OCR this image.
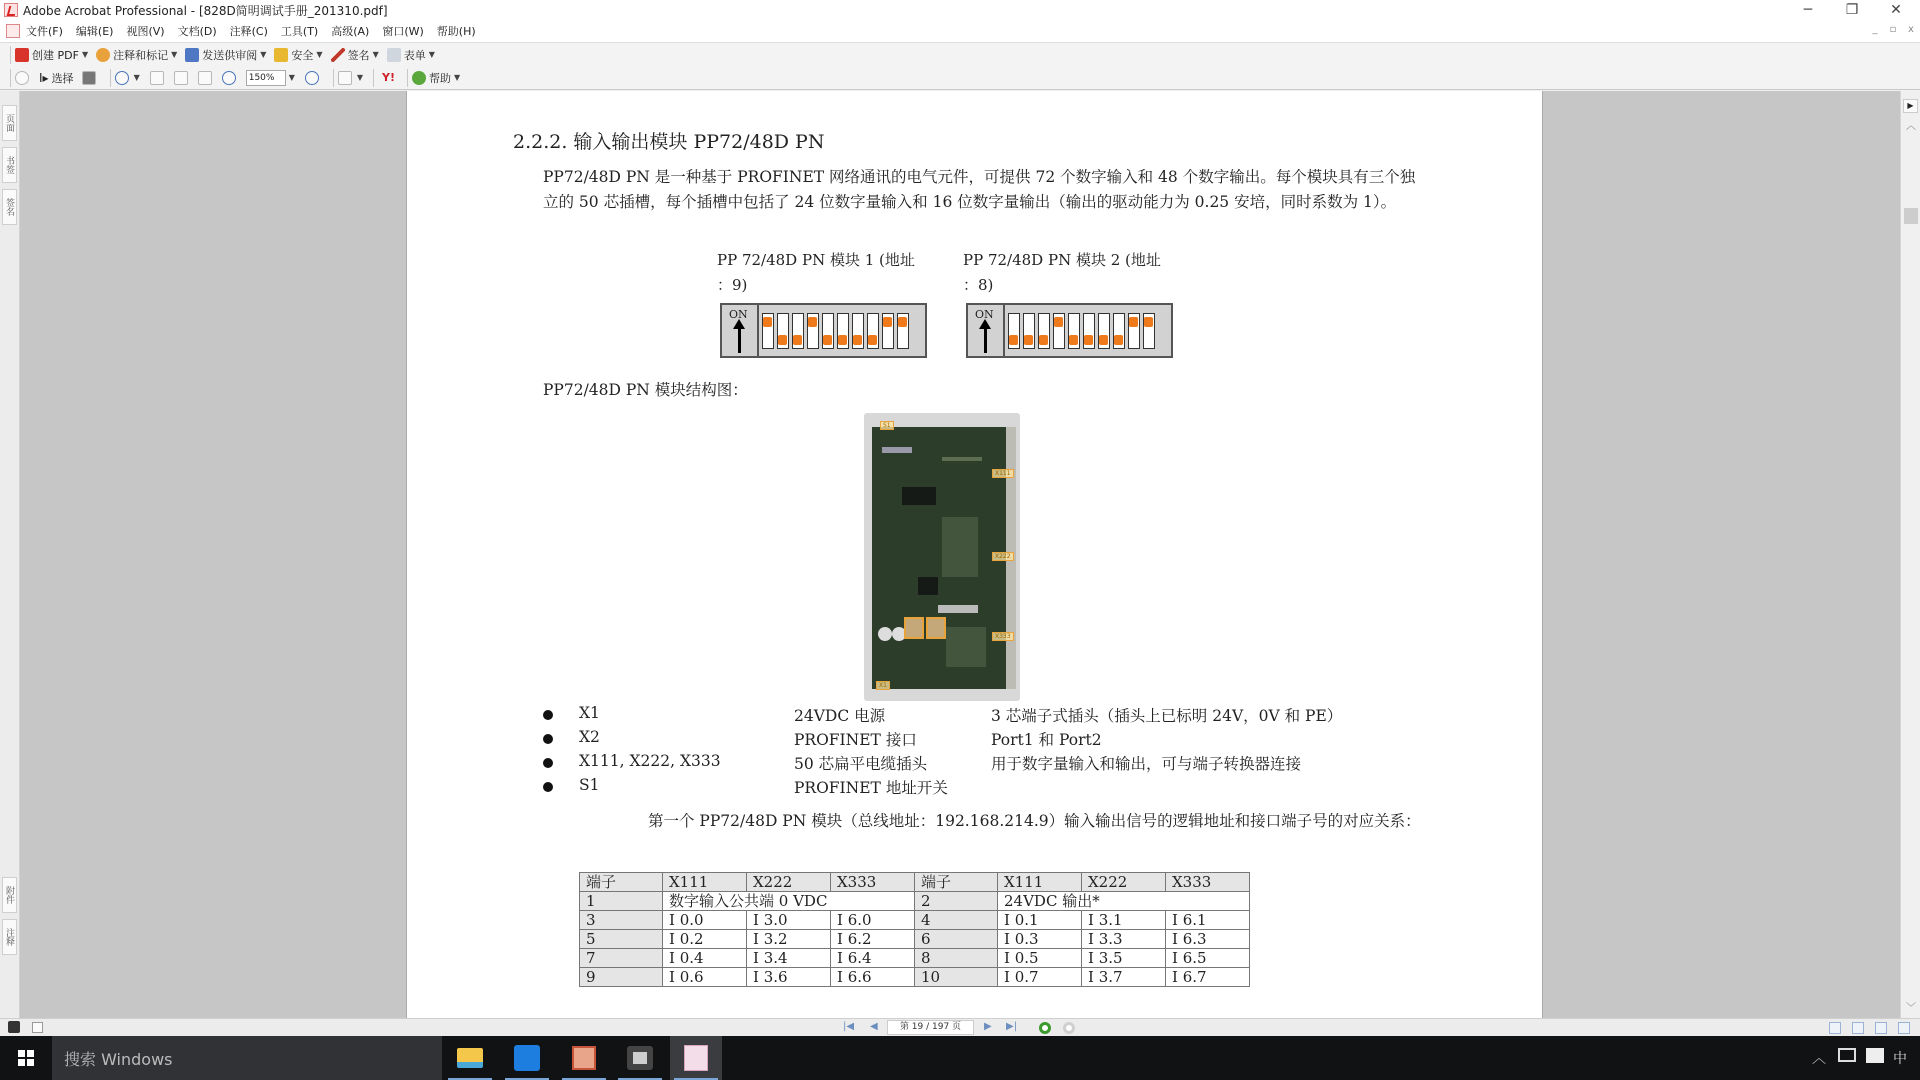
Adobe Acrobat Professional - [828D简明调试手册_201310.pdf]	─	❐	✕
文件(F) 编辑(E) 视图(V) 文档(D) 注释(C) 工具(T) 高级(A) 窗口(W) 帮助(H)	_	▫	x
创建 PDF ▼ 注释和标记 ▼ 发送供审阅 ▼ 安全 ▼ 签名 ▼ 表单 ▼
I▸ 选择	▼	150%	▼	▼ Y!	帮助 ▼
页面
书签
签名
附件
注释
2.2.2. 输入输出模块 PP72/48D PN
PP72/48D PN 是一种基于 PROFINET 网络通讯的电气元件，可提供 72 个数字输入和 48 个数字输出。每个模块具有三个独立的 50 芯插槽，每个插槽中包括了 24 位数字量输入和 16 位数字量输出（输出的驱动能力为 0.25 安培，同时系数为 1）。
PP 72/48D PN 模块 1 (地址
：9)
ON
PP 72/48D PN 模块 2 (地址
：8)
ON
PP72/48D PN 模块结构图：
S1
X111
X222
X333
X1
X1	24VDC 电源	3 芯端子式插头（插头上已标明 24V，0V 和 PE）
X2	PROFINET 接口	Port1 和 Port2
X111, X222, X333	50 芯扁平电缆插头	用于数字量输入和输出，可与端子转换器连接
S1	PROFINET 地址开关
第一个 PP72/48D PN 模块（总线地址：192.168.214.9）输入输出信号的逻辑地址和接口端子号的对应关系：
端子	X111	X222	X333	端子	X111	X222	X333
1	数字输入公共端 0 VDC			2	24VDC 输出*		
3	I 0.0	I 3.0	I 6.0	4	I 0.1	I 3.1	I 6.1
5	I 0.2	I 3.2	I 6.2	6	I 0.3	I 3.3	I 6.3
7	I 0.4	I 3.4	I 6.4	8	I 0.5	I 3.5	I 6.5
9	I 0.6	I 3.6	I 6.6	10	I 0.7	I 3.7	I 6.7
▶
︿
﹀
|◀ ◀	第 19 / 197 页	▶ ▶|
搜索 Windows	︿	中
